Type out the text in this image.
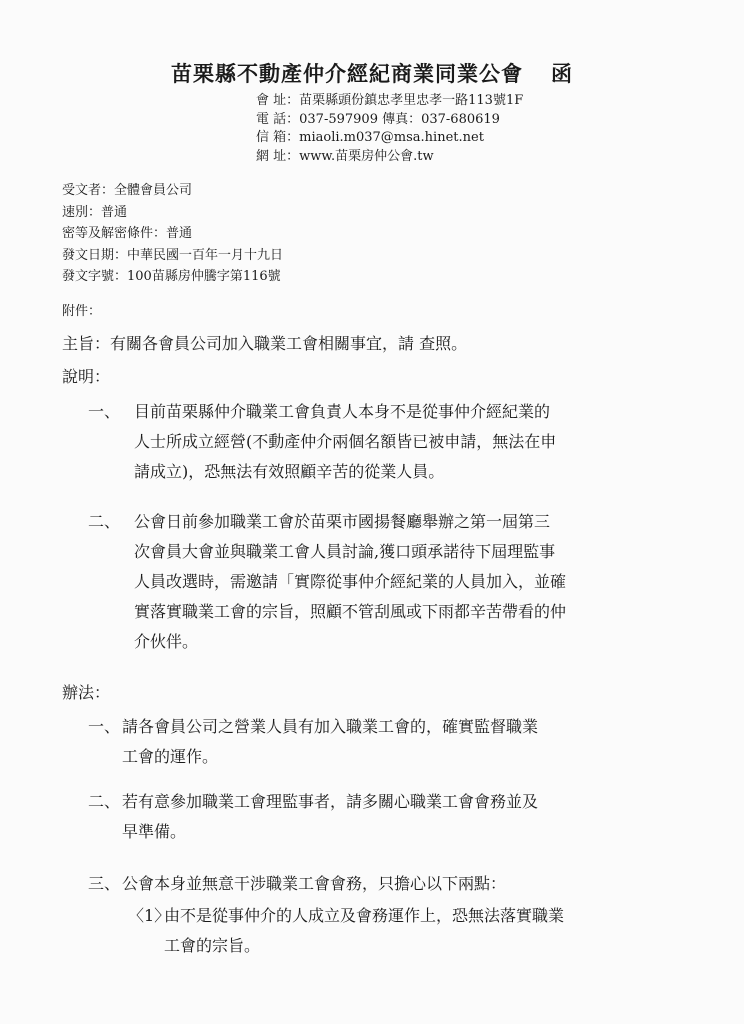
苗栗縣不動產仲介經紀商業同業公會 函
會 址：苗栗縣頭份鎮忠孝里忠孝一路113號1F
電 話：037-597909 傳真：037-680619
信 箱：miaoli.m037@msa.hinet.net
網 址：www.苗栗房仲公會.tw
受文者：全體會員公司
速別：普通
密等及解密條件：普通
發文日期：中華民國一百年一月十九日
發文字號：100苗縣房仲騰字第116號
附件：
主旨：有關各會員公司加入職業工會相關事宜，請 查照。
說明：
一、 目前苗栗縣仲介職業工會負責人本身不是從事仲介經紀業的
人士所成立經營(不動產仲介兩個名額皆已被申請，無法在申
請成立)，恐無法有效照顧辛苦的從業人員。
二、 公會日前參加職業工會於苗栗市國揚餐廳舉辦之第一屆第三
次會員大會並與職業工會人員討論,獲口頭承諾待下屆理監事
人員改選時，需邀請「實際從事仲介經紀業的人員加入，並確
實落實職業工會的宗旨，照顧不管刮風或下雨都辛苦帶看的仲
介伙伴。
辦法：
一、 請各會員公司之營業人員有加入職業工會的，確實監督職業
工會的運作。
二、 若有意參加職業工會理監事者，請多關心職業工會會務並及
早準備。
三、 公會本身並無意干涉職業工會會務，只擔心以下兩點：
〈1〉
由不是從事仲介的人成立及會務運作上，恐無法落實職業
工會的宗旨。
